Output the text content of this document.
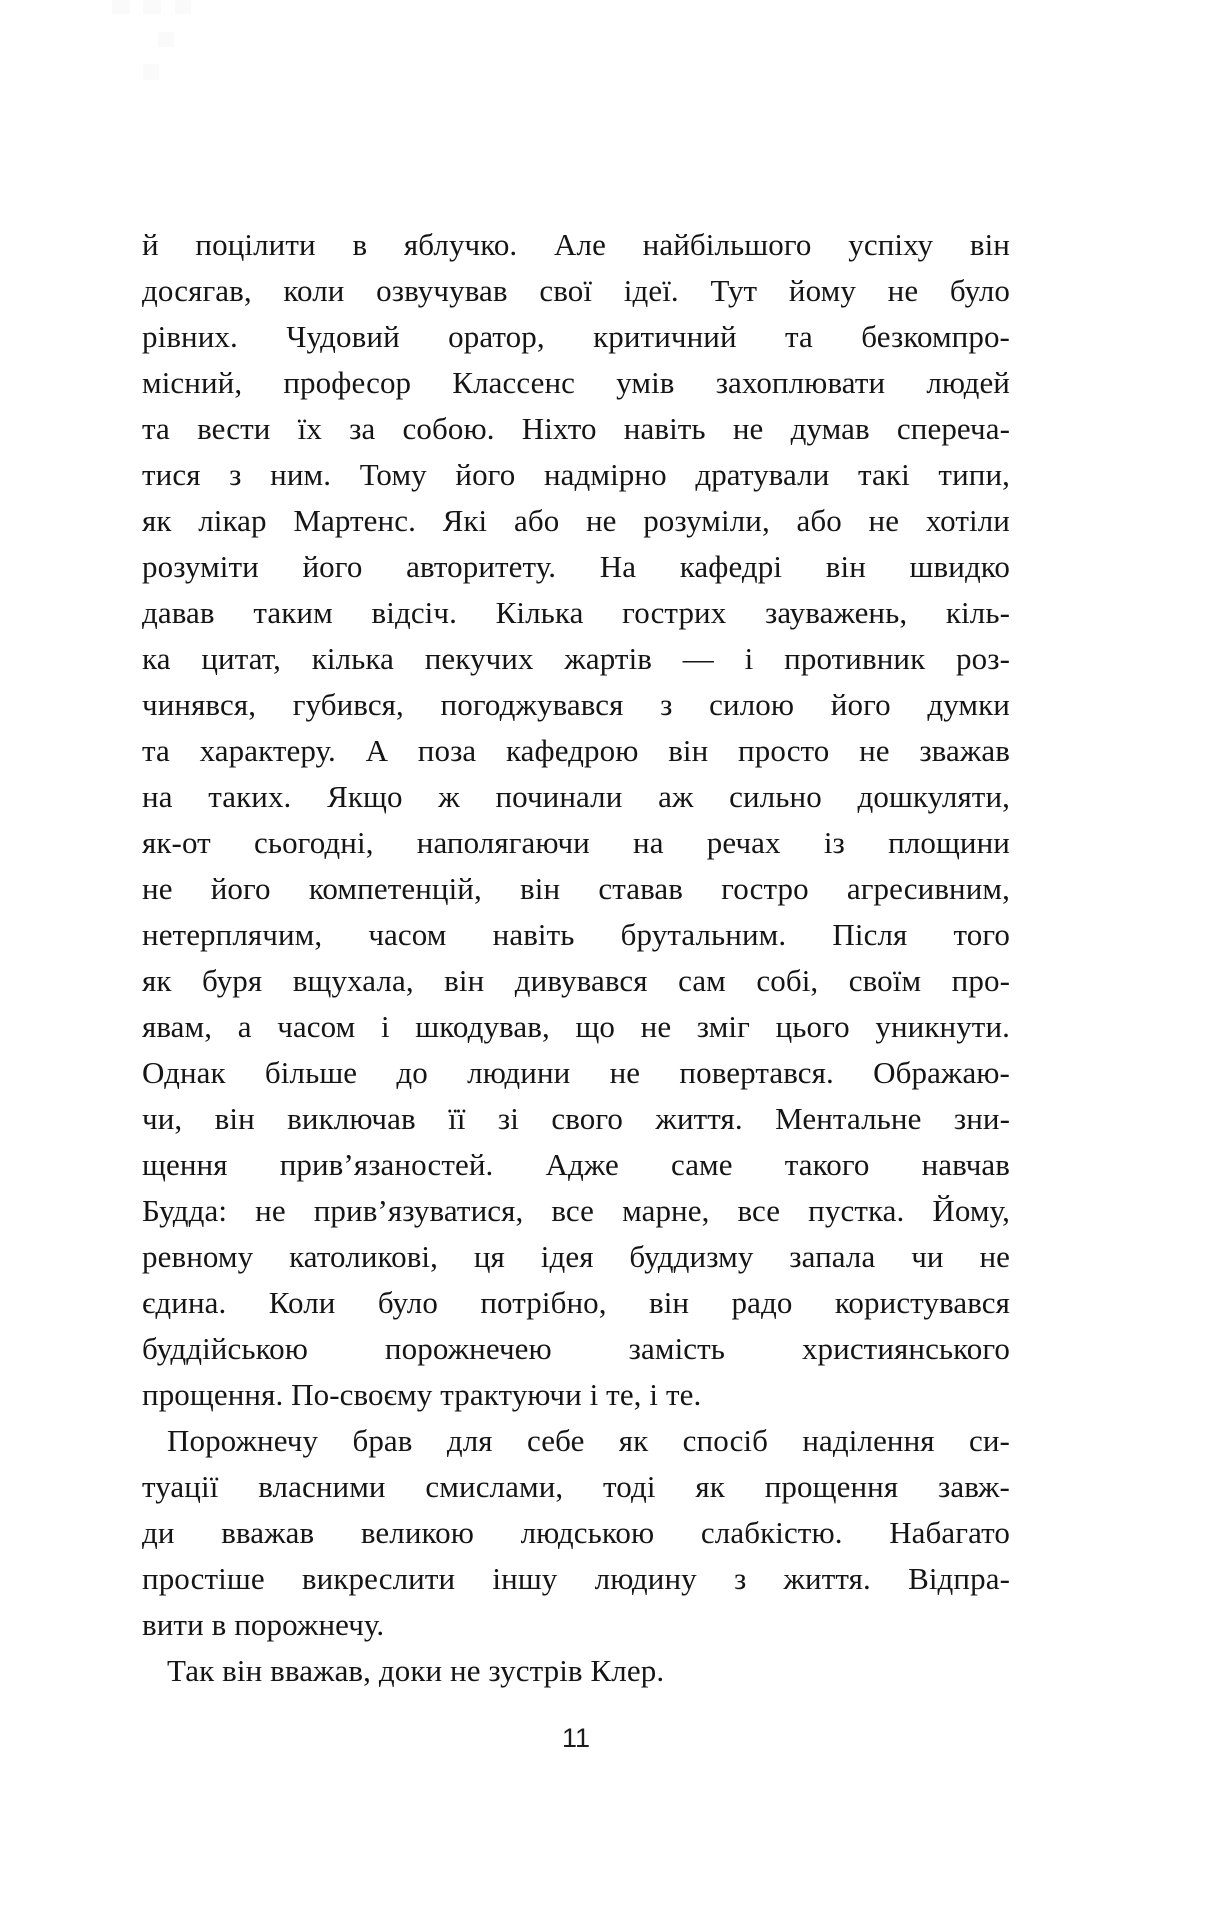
й поцілити в яблучко. Але найбільшого успіху він
досягав, коли озвучував свої ідеї. Тут йому не було
рівних. Чудовий оратор, критичний та безкомпро-
місний, професор Классенс умів захоплювати людей
та вести їх за собою. Ніхто навіть не думав спереча-
тися з ним. Тому його надмірно дратували такі типи,
як лікар Мартенс. Які або не розуміли, або не хотіли
розуміти його авторитету. На кафедрі він швидко
давав таким відсіч. Кілька гострих зауважень, кіль-
ка цитат, кілька пекучих жартів — і противник роз-
чинявся, губився, погоджувався з силою його думки
та характеру. А поза кафедрою він просто не зважав
на таких. Якщо ж починали аж сильно дошкуляти,
як-от сьогодні, наполягаючи на речах із площини
не його компетенцій, він ставав гостро агресивним,
нетерплячим, часом навіть брутальним. Після того
як буря вщухала, він дивувався сам собі, своїм про-
явам, а часом і шкодував, що не зміг цього уникнути.
Однак більше до людини не повертався. Ображаю-
чи, він виключав її зі свого життя. Ментальне зни-
щення прив’язаностей. Адже саме такого навчав
Будда: не прив’язуватися, все марне, все пустка. Йому,
ревному католикові, ця ідея буддизму запала чи не
єдина. Коли було потрібно, він радо користувався
буддійською порожнечею замість християнського
прощення. По-своєму трактуючи і те, і те.
Порожнечу брав для себе як спосіб наділення си-
туації власними смислами, тоді як прощення завж-
ди вважав великою людською слабкістю. Набагато
простіше викреслити іншу людину з життя. Відпра-
вити в порожнечу.
Так він вважав, доки не зустрів Клер.
11
